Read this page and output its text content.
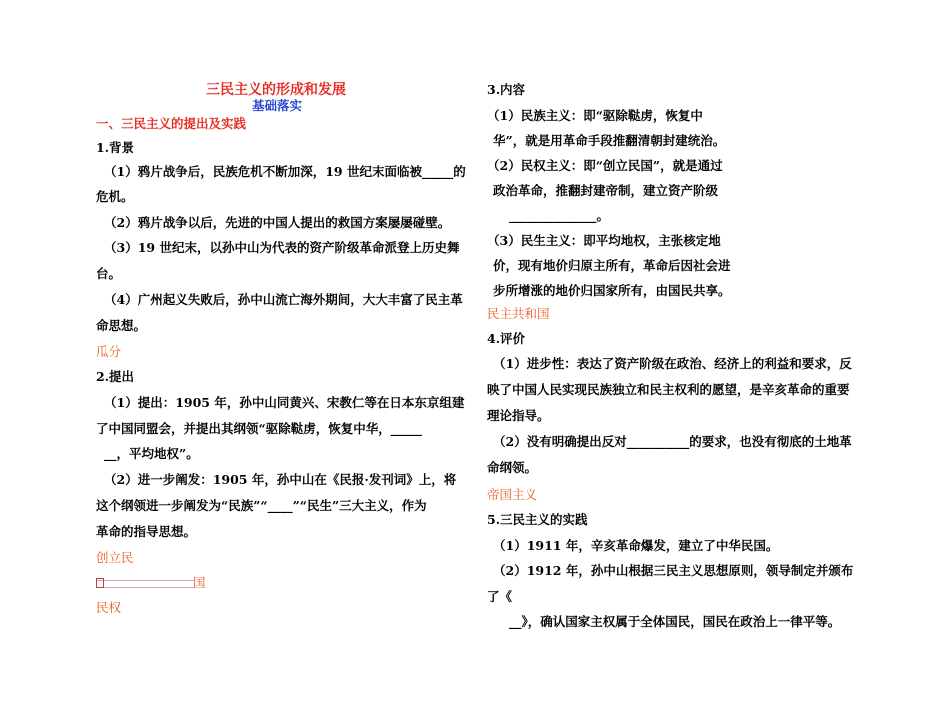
三民主义的形成和发展
基础落实
一、三民主义的提出及实践
1.背景
（1）鸦片战争后，民族危机不断加深，19 世纪末面临被_____的
危机。
（2）鸦片战争以后，先进的中国人提出的救国方案屡屡碰壁。
（3）19 世纪末，以孙中山为代表的资产阶级革命派登上历史舞
台。
（4）广州起义失败后，孙中山流亡海外期间，大大丰富了民主革
命思想。
瓜分
2.提出
（1）提出：1905 年，孙中山同黄兴、宋教仁等在日本东京组建
了中国同盟会，并提出其纲领“驱除鞑虏，恢复中华，_____
__，平均地权”。
（2）进一步阐发：1905 年，孙中山在《民报·发刊词》上，将
这个纲领进一步阐发为“民族”“____”“民生”三大主义，作为
革命的指导思想。
创立民
国
民权
3.内容
（1）民族主义：即“驱除鞑虏，恢复中
华”，就是用革命手段推翻清朝封建统治。
（2）民权主义：即“创立民国”，就是通过
政治革命，推翻封建帝制，建立资产阶级
______________。
（3）民生主义：即平均地权，主张核定地
价，现有地价归原主所有，革命后因社会进
步所增涨的地价归国家所有，由国民共享。
民主共和国
4.评价
（1）进步性：表达了资产阶级在政治、经济上的利益和要求，反
映了中国人民实现民族独立和民主权利的愿望，是辛亥革命的重要
理论指导。
（2）没有明确提出反对__________的要求，也没有彻底的土地革
命纲领。
帝国主义
5.三民主义的实践
（1）1911 年，辛亥革命爆发，建立了中华民国。
（2）1912 年，孙中山根据三民主义思想原则，领导制定并颁布
了《
__》，确认国家主权属于全体国民，国民在政治上一律平等。
